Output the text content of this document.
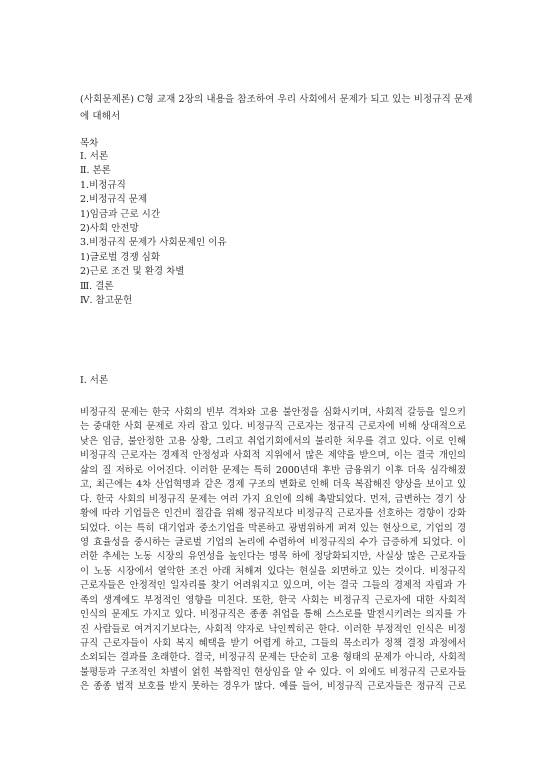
(사회문제론) C형 교재 2장의 내용을 참조하여 우리 사회에서 문제가 되고 있는 비정규직 문제에 대해서
목차
Ⅰ. 서론
Ⅱ. 본론
1.비정규직
2.비정규직 문제
1)임금과 근로 시간
2)사회 안전망
3.비정규직 문제가 사회문제인 이유
1)글로벌 경쟁 심화
2)근로 조건 및 환경 차별
Ⅲ. 결론
Ⅳ. 참고문헌
Ⅰ. 서론
비정규직 문제는 한국 사회의 빈부 격차와 고용 불안정을 심화시키며, 사회적 갈등을 일으키
는 중대한 사회 문제로 자리 잡고 있다. 비정규직 근로자는 정규직 근로자에 비해 상대적으로
낮은 임금, 불안정한 고용 상황, 그리고 취업기회에서의 불리한 처우를 겪고 있다. 이로 인해
비정규직 근로자는 경제적 안정성과 사회적 지위에서 많은 제약을 받으며, 이는 결국 개인의
삶의 질 저하로 이어진다. 이러한 문제는 특히 2000년대 후반 금융위기 이후 더욱 심각해졌
고, 최근에는 4차 산업혁명과 같은 경제 구조의 변화로 인해 더욱 복잡해진 양상을 보이고 있
다. 한국 사회의 비정규직 문제는 여러 가지 요인에 의해 촉발되었다. 먼저, 급변하는 경기 상
황에 따라 기업들은 인건비 절감을 위해 정규직보다 비정규직 근로자를 선호하는 경향이 강화
되었다. 이는 특히 대기업과 중소기업을 막론하고 광범위하게 퍼져 있는 현상으로, 기업의 경
영 효율성을 중시하는 글로벌 기업의 논리에 수렴하여 비정규직의 수가 급증하게 되었다. 이
러한 추세는 노동 시장의 유연성을 높인다는 명목 하에 정당화되지만, 사실상 많은 근로자들
이 노동 시장에서 열악한 조건 아래 처해져 있다는 현실을 외면하고 있는 것이다. 비정규직
근로자들은 안정적인 일자리를 찾기 어려워지고 있으며, 이는 결국 그들의 경제적 자립과 가
족의 생계에도 부정적인 영향을 미친다. 또한, 한국 사회는 비정규직 근로자에 대한 사회적
인식의 문제도 가지고 있다. 비정규직은 종종 취업을 통해 스스로를 발전시키려는 의지를 가
진 사람들로 여겨지기보다는, 사회적 약자로 낙인찍히곤 한다. 이러한 부정적인 인식은 비정
규직 근로자들이 사회 복지 혜택을 받기 어렵게 하고, 그들의 목소리가 정책 결정 과정에서
소외되는 결과를 초래한다. 결국, 비정규직 문제는 단순히 고용 형태의 문제가 아니라, 사회적
불평등과 구조적인 차별이 얽힌 복합적인 현상임을 알 수 있다. 이 외에도 비정규직 근로자들
은 종종 법적 보호를 받지 못하는 경우가 많다. 예를 들어, 비정규직 근로자들은 정규직 근로
